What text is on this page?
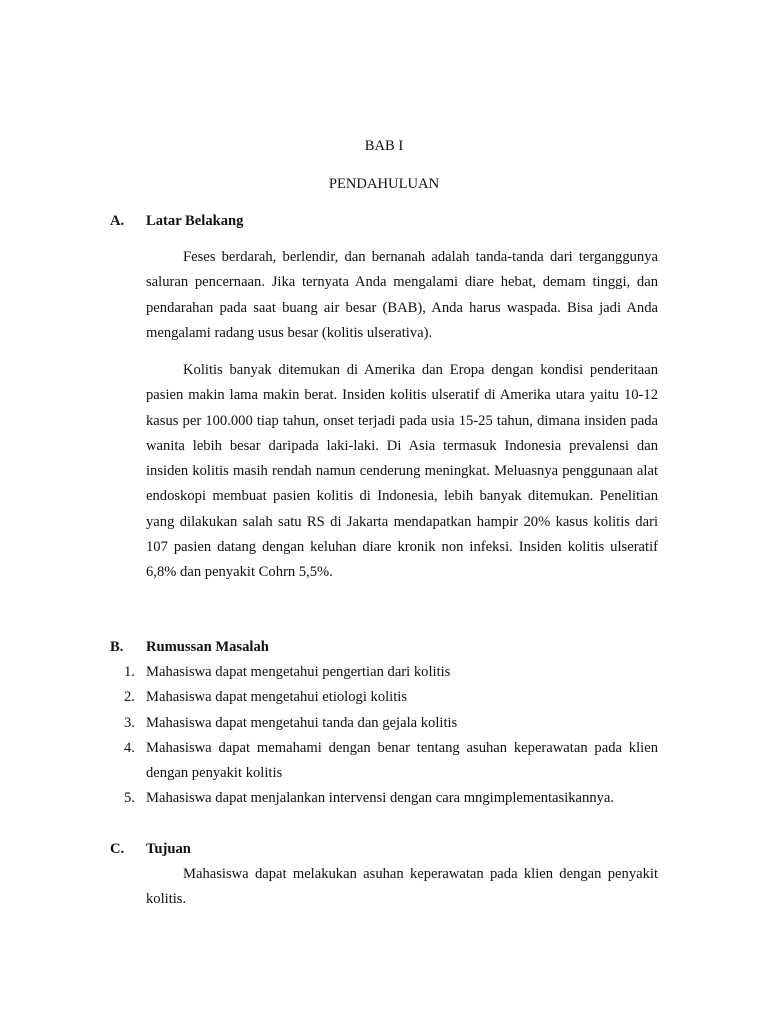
BAB I
PENDAHULUAN
A. Latar Belakang

Feses berdarah, berlendir, dan bernanah adalah tanda-tanda dari terganggunya saluran pencernaan. Jika ternyata Anda mengalami diare hebat, demam tinggi, dan pendarahan pada saat buang air besar (BAB), Anda harus waspada. Bisa jadi Anda mengalami radang usus besar (kolitis ulserativa).

Kolitis banyak ditemukan di Amerika dan Eropa dengan kondisi penderitaan pasien makin lama makin berat. Insiden kolitis ulseratif di Amerika utara yaitu 10-12 kasus per 100.000 tiap tahun, onset terjadi pada usia 15-25 tahun, dimana insiden pada wanita lebih besar daripada laki-laki. Di Asia termasuk Indonesia prevalensi dan insiden kolitis masih rendah namun cenderung meningkat. Meluasnya penggunaan alat endoskopi membuat pasien kolitis di Indonesia, lebih banyak ditemukan. Penelitian yang dilakukan salah satu RS di Jakarta mendapatkan hampir 20% kasus kolitis dari 107 pasien datang dengan keluhan diare kronik non infeksi. Insiden kolitis ulseratif 6,8% dan penyakit Cohrn 5,5%.

B. Rumussan Masalah
1. Mahasiswa dapat mengetahui pengertian dari kolitis
2. Mahasiswa dapat mengetahui etiologi kolitis
3. Mahasiswa dapat mengetahui tanda dan gejala kolitis
4. Mahasiswa dapat memahami dengan benar tentang asuhan keperawatan pada klien dengan penyakit kolitis
5. Mahasiswa dapat menjalankan intervensi dengan cara mngimplementasikannya.
C. Tujuan

Mahasiswa dapat melakukan asuhan keperawatan pada klien dengan penyakit kolitis.
